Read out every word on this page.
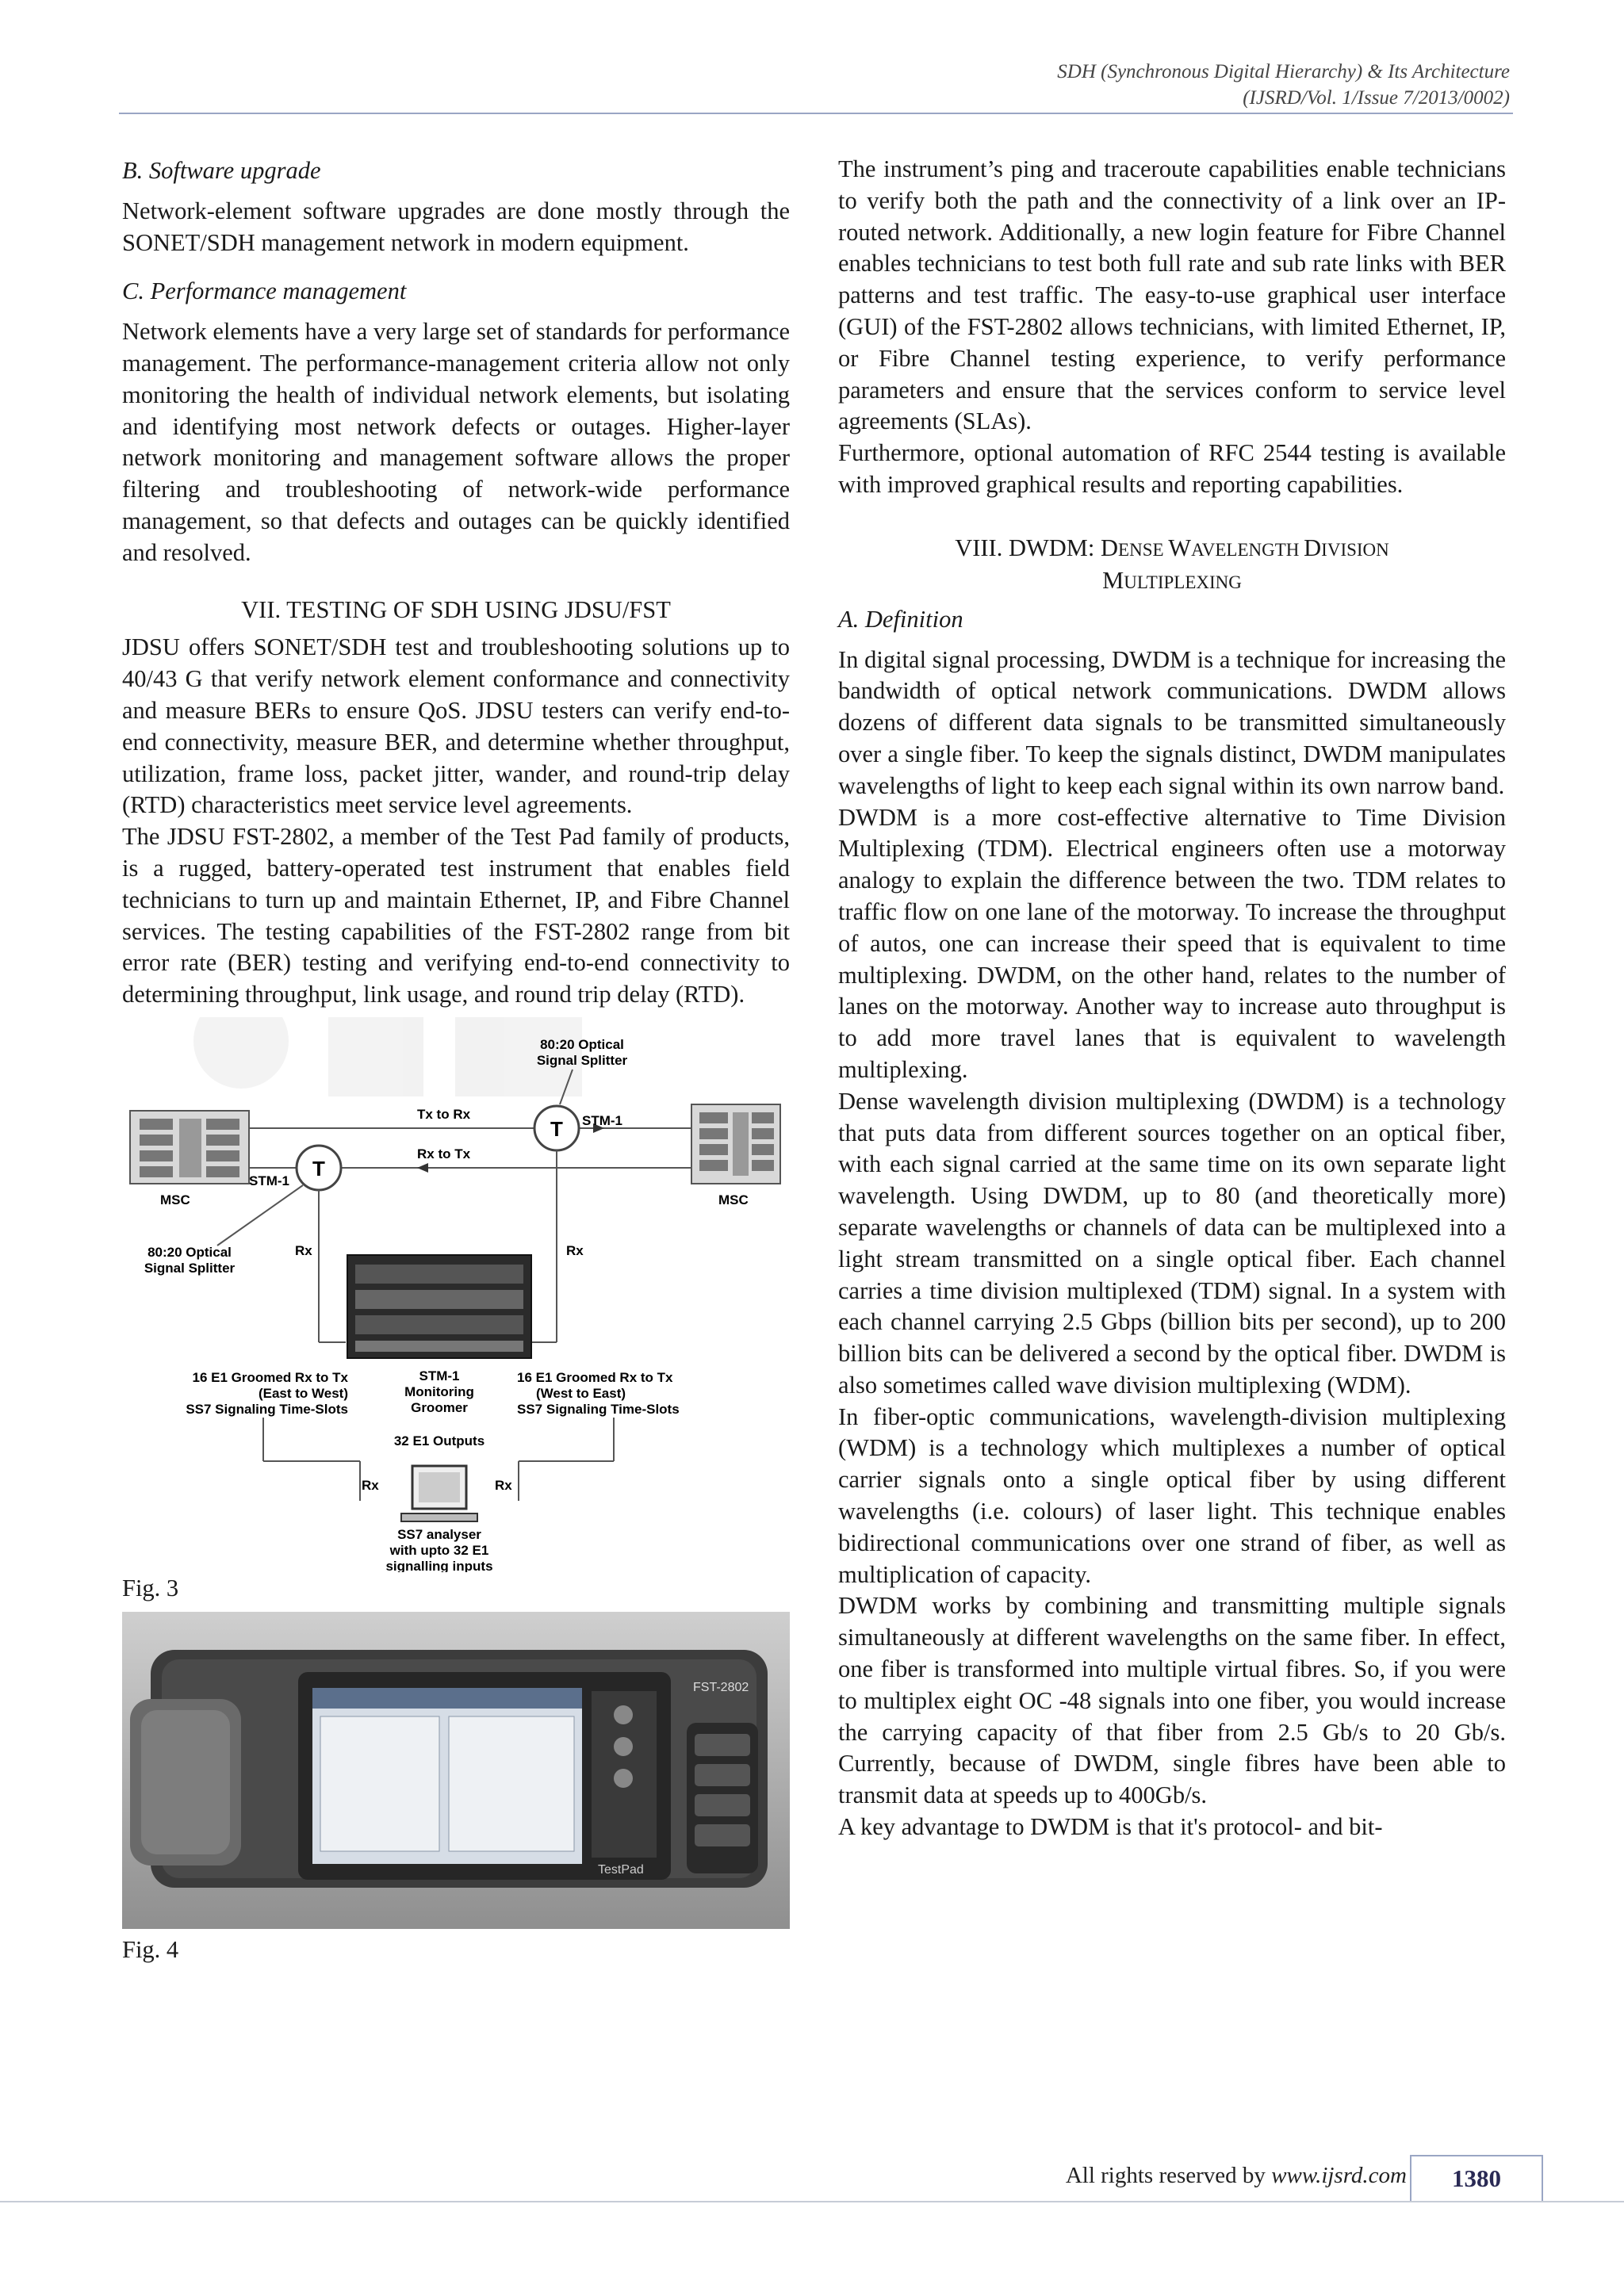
SDH (Synchronous Digital Hierarchy) & Its Architecture
(IJSRD/Vol. 1/Issue 7/2013/0002)

B. Software upgrade

Network-element software upgrades are done mostly through the SONET/SDH management network in modern equipment.

C. Performance management

Network elements have a very large set of standards for performance management. The performance-management criteria allow not only monitoring the health of individual network elements, but isolating and identifying most network defects or outages. Higher-layer network monitoring and management software allows the proper filtering and troubleshooting of network-wide performance management, so that defects and outages can be quickly identified and resolved.

VII. TESTING OF SDH USING JDSU/FST

JDSU offers SONET/SDH test and troubleshooting solutions up to 40/43 G that verify network element conformance and connectivity and measure BERs to ensure QoS. JDSU testers can verify end-to-end connectivity, measure BER, and determine whether throughput, utilization, frame loss, packet jitter, wander, and round-trip delay (RTD) characteristics meet service level agreements.

The JDSU FST-2802, a member of the Test Pad family of products, is a rugged, battery-operated test instrument that enables field technicians to turn up and maintain Ethernet, IP, and Fibre Channel services. The testing capabilities of the FST-2802 range from bit error rate (BER) testing and verifying end-to-end connectivity to determining throughput, link usage, and round trip delay (RTD).

MSC	MSC
Tx to Rx
Rx to Tx
T
T STM-1
STM-1
80:20 Optical
Signal Splitter
80:20 Optical
Signal Splitter
Rx	Rx
STM-1
Monitoring
Groomer
16 E1 Groomed Rx to Tx
(East to West)
SS7 Signaling Time-Slots
16 E1 Groomed Rx to Tx
(West to East)
SS7 Signaling Time-Slots
32 E1 Outputs
Rx	Rx
SS7 analyser
with upto 32 E1
signalling inputs

Fig. 3

FST-2802
TestPad

Fig. 4

The instrument’s ping and traceroute capabilities enable technicians to verify both the path and the connectivity of a link over an IP-routed network. Additionally, a new login feature for Fibre Channel enables technicians to test both full rate and sub rate links with BER patterns and test traffic. The easy-to-use graphical user interface (GUI) of the FST-2802 allows technicians, with limited Ethernet, IP, or Fibre Channel testing experience, to verify performance parameters and ensure that the services conform to service level agreements (SLAs).

Furthermore, optional automation of RFC 2544 testing is available with improved graphical results and reporting capabilities.

VIII. DWDM: DENSE WAVELENGTH DIVISION
MULTIPLEXING

A. Definition

In digital signal processing, DWDM is a technique for increasing the bandwidth of optical network communications. DWDM allows dozens of different data signals to be transmitted simultaneously over a single fiber. To keep the signals distinct, DWDM manipulates wavelengths of light to keep each signal within its own narrow band.

DWDM is a more cost-effective alternative to Time Division Multiplexing (TDM). Electrical engineers often use a motorway analogy to explain the difference between the two. TDM relates to traffic flow on one lane of the motorway. To increase the throughput of autos, one can increase their speed that is equivalent to time multiplexing. DWDM, on the other hand, relates to the number of lanes on the motorway. Another way to increase auto throughput is to add more travel lanes that is equivalent to wavelength multiplexing.

Dense wavelength division multiplexing (DWDM) is a technology that puts data from different sources together on an optical fiber, with each signal carried at the same time on its own separate light wavelength. Using DWDM, up to 80 (and theoretically more) separate wavelengths or channels of data can be multiplexed into a light stream transmitted on a single optical fiber. Each channel carries a time division multiplexed (TDM) signal. In a system with each channel carrying 2.5 Gbps (billion bits per second), up to 200 billion bits can be delivered a second by the optical fiber. DWDM is also sometimes called wave division multiplexing (WDM).

In fiber-optic communications, wavelength-division multiplexing (WDM) is a technology which multiplexes a number of optical carrier signals onto a single optical fiber by using different wavelengths (i.e. colours) of laser light. This technique enables bidirectional communications over one strand of fiber, as well as multiplication of capacity.

DWDM works by combining and transmitting multiple signals simultaneously at different wavelengths on the same fiber. In effect, one fiber is transformed into multiple virtual fibres. So, if you were to multiplex eight OC -48 signals into one fiber, you would increase the carrying capacity of that fiber from 2.5 Gb/s to 20 Gb/s. Currently, because of DWDM, single fibres have been able to transmit data at speeds up to 400Gb/s.

A key advantage to DWDM is that it's protocol- and bit-

All rights reserved by www.ijsrd.com	1380
